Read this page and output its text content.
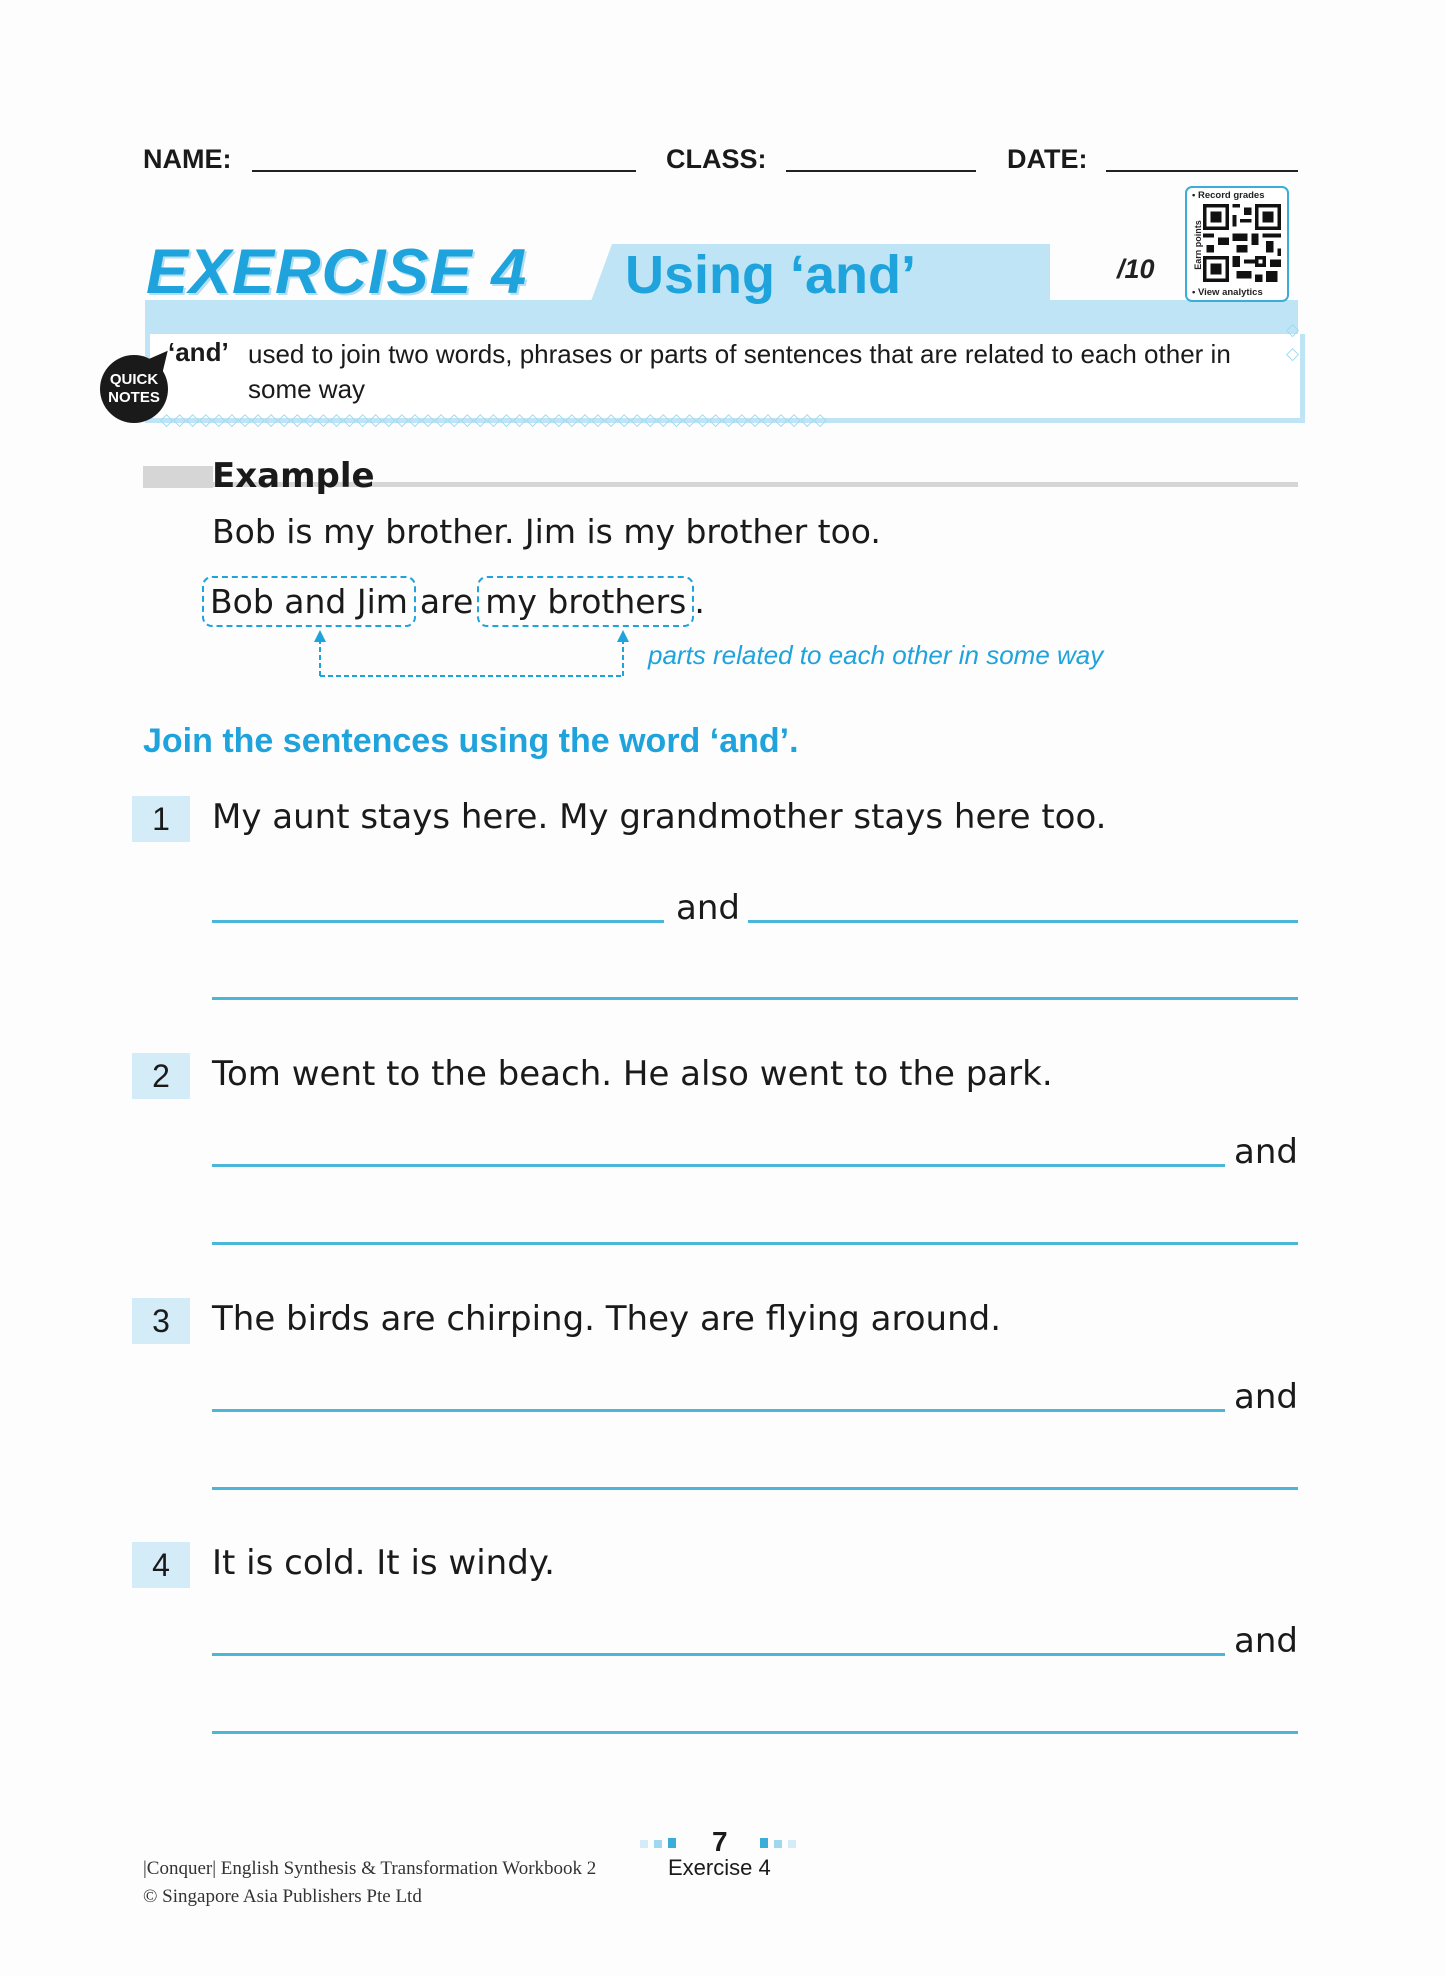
NAME:	CLASS:	DATE:
EXERCISE 4 Using ‘and’	/10
• Record grades
Earn points
• View analytics
‘and’ used to join two words, phrases or parts of sentences that are related to each other in some way
QUICK
NOTES
◇◇◇◇◇◇◇◇◇◇◇◇◇◇◇◇◇◇◇◇◇◇◇◇◇◇◇◇◇◇◇◇◇◇◇◇◇◇◇◇◇◇◇◇◇◇◇◇◇◇◇
◇
◇
Example
Bob is my brother. Jim is my brother too.
Bob and Jim are my brothers .
parts related to each other in some way
Join the sentences using the word ‘and’.
1	My aunt stays here. My grandmother stays here too.
and
2	Tom went to the beach. He also went to the park.
and
3	The birds are chirping. They are flying around.
and
4	It is cold. It is windy.
and
7
|Conquer| English Synthesis & Transformation Workbook 2	Exercise 4
© Singapore Asia Publishers Pte Ltd
